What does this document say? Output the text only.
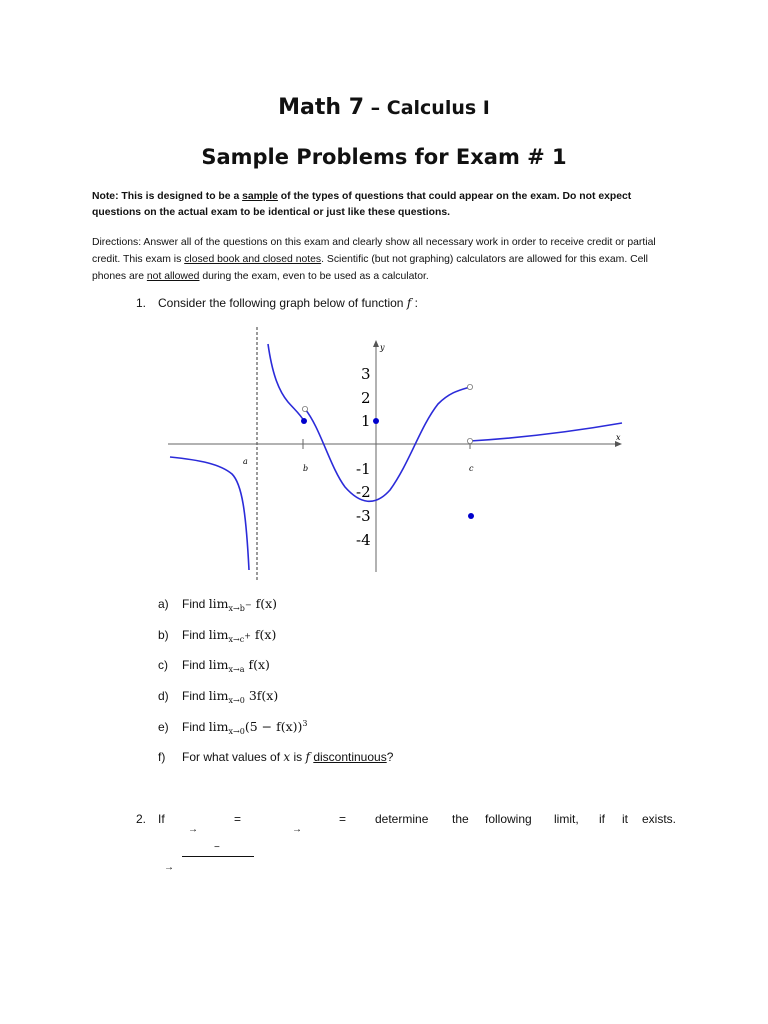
Math 7 – Calculus I
Sample Problems for Exam # 1
Note: This is designed to be a sample of the types of questions that could appear on the exam. Do not expect questions on the actual exam to be identical or just like these questions.
Directions: Answer all of the questions on this exam and clearly show all necessary work in order to receive credit or partial credit. This exam is closed book and closed notes. Scientific (but not graphing) calculators are allowed for this exam. Cell phones are not allowed during the exam, even to be used as a calculator.
1. Consider the following graph below of function f :
y
x
3
2
1
-1
-2
-3
-4
a
b	c
a) Find $\lim_{x\to b^-} f(x)$
b) Find $\lim_{x\to c^+} f(x)$
c) Find $\lim_{x\to a} f(x)$
d) Find $\lim_{x\to 0} 3f(x)$
e) Find $\lim_{x\to 0}(5 - f(x))^3$
f) For what values of x is f discontinuous?
2. If	=	= determine the following limit, if it exists.
→	→
−
→
